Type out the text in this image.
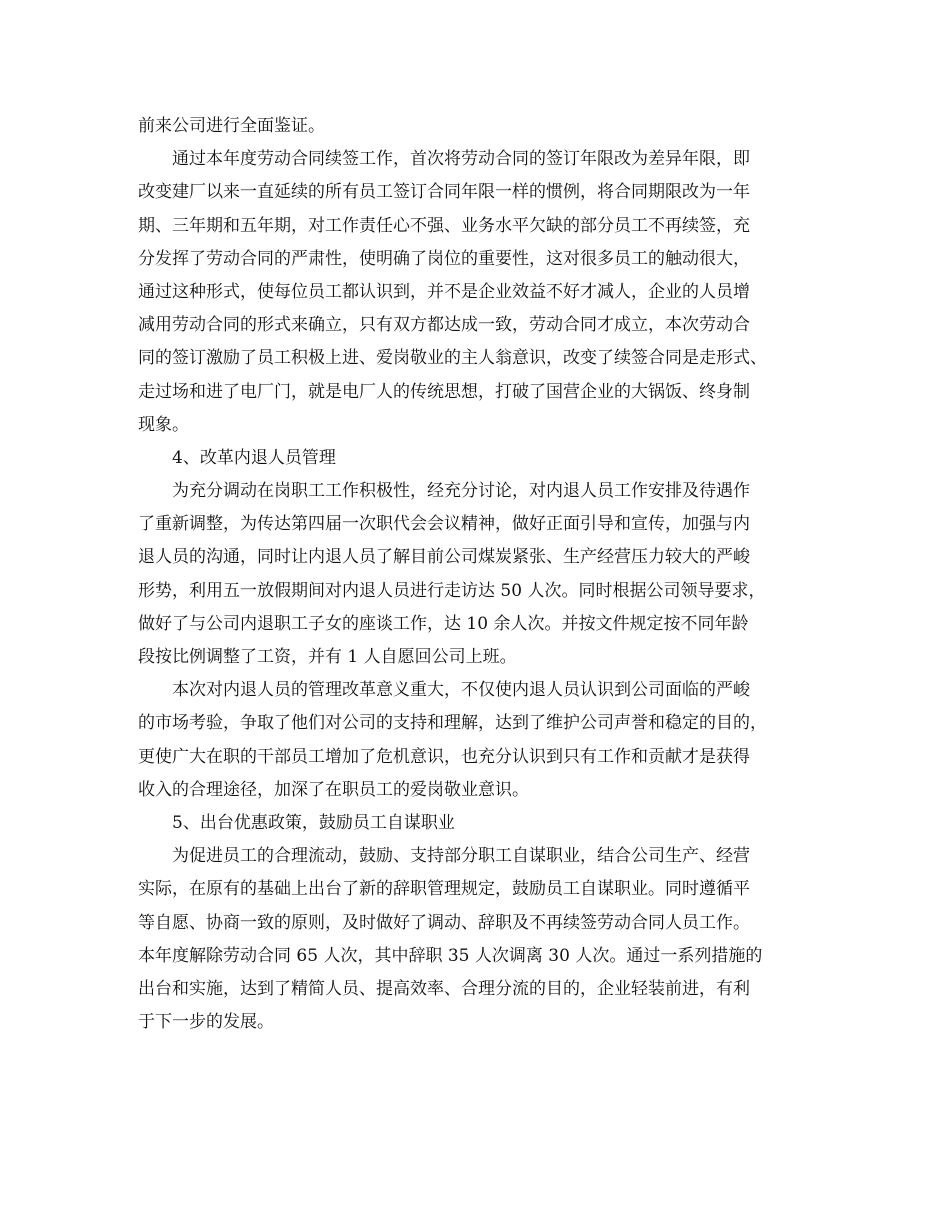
前来公司进行全面鉴证。
通过本年度劳动合同续签工作，首次将劳动合同的签订年限改为差异年限，即
改变建厂以来一直延续的所有员工签订合同年限一样的惯例，将合同期限改为一年
期、三年期和五年期，对工作责任心不强、业务水平欠缺的部分员工不再续签，充
分发挥了劳动合同的严肃性，使明确了岗位的重要性，这对很多员工的触动很大，
通过这种形式，使每位员工都认识到，并不是企业效益不好才减人，企业的人员增
减用劳动合同的形式来确立，只有双方都达成一致，劳动合同才成立，本次劳动合
同的签订激励了员工积极上进、爱岗敬业的主人翁意识，改变了续签合同是走形式、
走过场和进了电厂门，就是电厂人的传统思想，打破了国营企业的大锅饭、终身制
现象。
4、改革内退人员管理
为充分调动在岗职工工作积极性，经充分讨论，对内退人员工作安排及待遇作
了重新调整，为传达第四届一次职代会会议精神，做好正面引导和宣传，加强与内
退人员的沟通，同时让内退人员了解目前公司煤炭紧张、生产经营压力较大的严峻
形势，利用五一放假期间对内退人员进行走访达 50 人次。同时根据公司领导要求，
做好了与公司内退职工子女的座谈工作，达 10 余人次。并按文件规定按不同年龄
段按比例调整了工资，并有 1 人自愿回公司上班。
本次对内退人员的管理改革意义重大，不仅使内退人员认识到公司面临的严峻
的市场考验，争取了他们对公司的支持和理解，达到了维护公司声誉和稳定的目的，
更使广大在职的干部员工增加了危机意识，也充分认识到只有工作和贡献才是获得
收入的合理途径，加深了在职员工的爱岗敬业意识。
5、出台优惠政策，鼓励员工自谋职业
为促进员工的合理流动，鼓励、支持部分职工自谋职业，结合公司生产、经营
实际，在原有的基础上出台了新的辞职管理规定，鼓励员工自谋职业。同时遵循平
等自愿、协商一致的原则，及时做好了调动、辞职及不再续签劳动合同人员工作。
本年度解除劳动合同 65 人次，其中辞职 35 人次调离 30 人次。通过一系列措施的
出台和实施，达到了精简人员、提高效率、合理分流的目的，企业轻装前进，有利
于下一步的发展。
